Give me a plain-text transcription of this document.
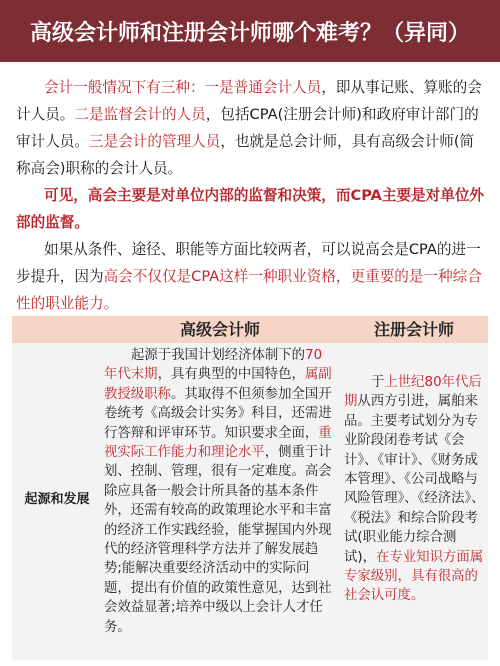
高级会计师和注册会计师哪个难考？（异同）

会计一般情况下有三种：一是普通会计人员，即从事记账、算账的会计人员。二是监督会计的人员，包括CPA(注册会计师)和政府审计部门的审计人员。三是会计的管理人员，也就是总会计师，具有高级会计师(简称高会)职称的会计人员。

可见，高会主要是对单位内部的监督和决策，而CPA主要是对单位外部的监督。

如果从条件、途径、职能等方面比较两者，可以说高会是CPA的进一步提升，因为高会不仅仅是CPA这样一种职业资格，更重要的是一种综合性的职业能力。

高级会计师	注册会计师
起源和发展

起源于我国计划经济体制下的70年代末期，具有典型的中国特色，属副教授级职称。其取得不但须参加全国开卷统考《高级会计实务》科目，还需进行答辩和评审环节。知识要求全面，重视实际工作能力和理论水平，侧重于计划、控制、管理，很有一定难度。高会除应具备一般会计所具备的基本条件外，还需有较高的政策理论水平和丰富的经济工作实践经验，能掌握国内外现代的经济管理科学方法并了解发展趋势;能解决重要经济活动中的实际问题，提出有价值的政策性意见，达到社会效益显著;培养中级以上会计人才任务。

于上世纪80年代后期从西方引进，属舶来品。主要考试划分为专业阶段闭卷考试《会计》、《审计》、《财务成本管理》、《公司战略与风险管理》、《经济法》、《税法》和综合阶段考试(职业能力综合测试)，在专业知识方面属专家级别，具有很高的社会认可度。
